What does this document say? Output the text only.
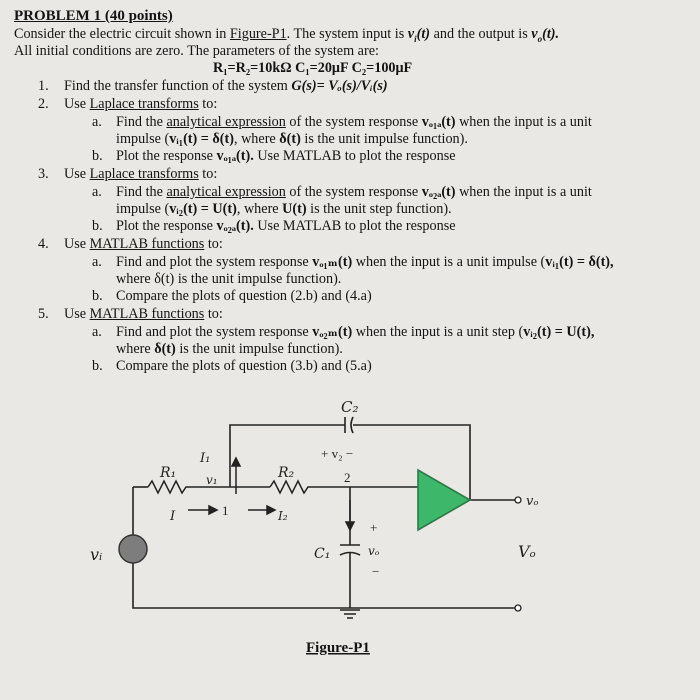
PROBLEM 1 (40 points)
Consider the electric circuit shown in Figure-P1. The system input is $v_i(t)$ and the output is $v_o(t)$.
All initial conditions are zero. The parameters of the system are:
R₁=R₂=10kΩ C₁=20μF C₂=100μF
1. Find the transfer function of the system G(s)= Vₒ(s)/Vᵢ(s)
2. Use Laplace transforms to:
a. Find the analytical expression of the system response vₒ₁ₐ(t) when the input is a unit
impulse (vᵢ₁(t) = δ(t), where δ(t) is the unit impulse function).
b. Plot the response vₒ₁ₐ(t). Use MATLAB to plot the response
3. Use Laplace transforms to:
a. Find the analytical expression of the system response vₒ₂ₐ(t) when the input is a unit
impulse (vᵢ₂(t) = U(t), where U(t) is the unit step function).
b. Plot the response vₒ₂ₐ(t). Use MATLAB to plot the response
4. Use MATLAB functions to:
a. Find and plot the system response vₒ₁ₘ(t) when the input is a unit impulse (vᵢ₁(t) = δ(t),
where δ(t) is the unit impulse function).
b. Compare the plots of question (2.b) and (4.a)
5. Use MATLAB functions to:
a. Find and plot the system response vₒ₂ₘ(t) when the input is a unit step (vᵢ₂(t) = U(t),
where δ(t) is the unit impulse function).
b. Compare the plots of question (3.b) and (5.a)
C₂
+ v₂ −
I₁
v₁
R₁	R₂	2
1
I	I₂
+
C₁	vₒ
−
vᵢ	Vₒ
vₒ
Figure-P1
